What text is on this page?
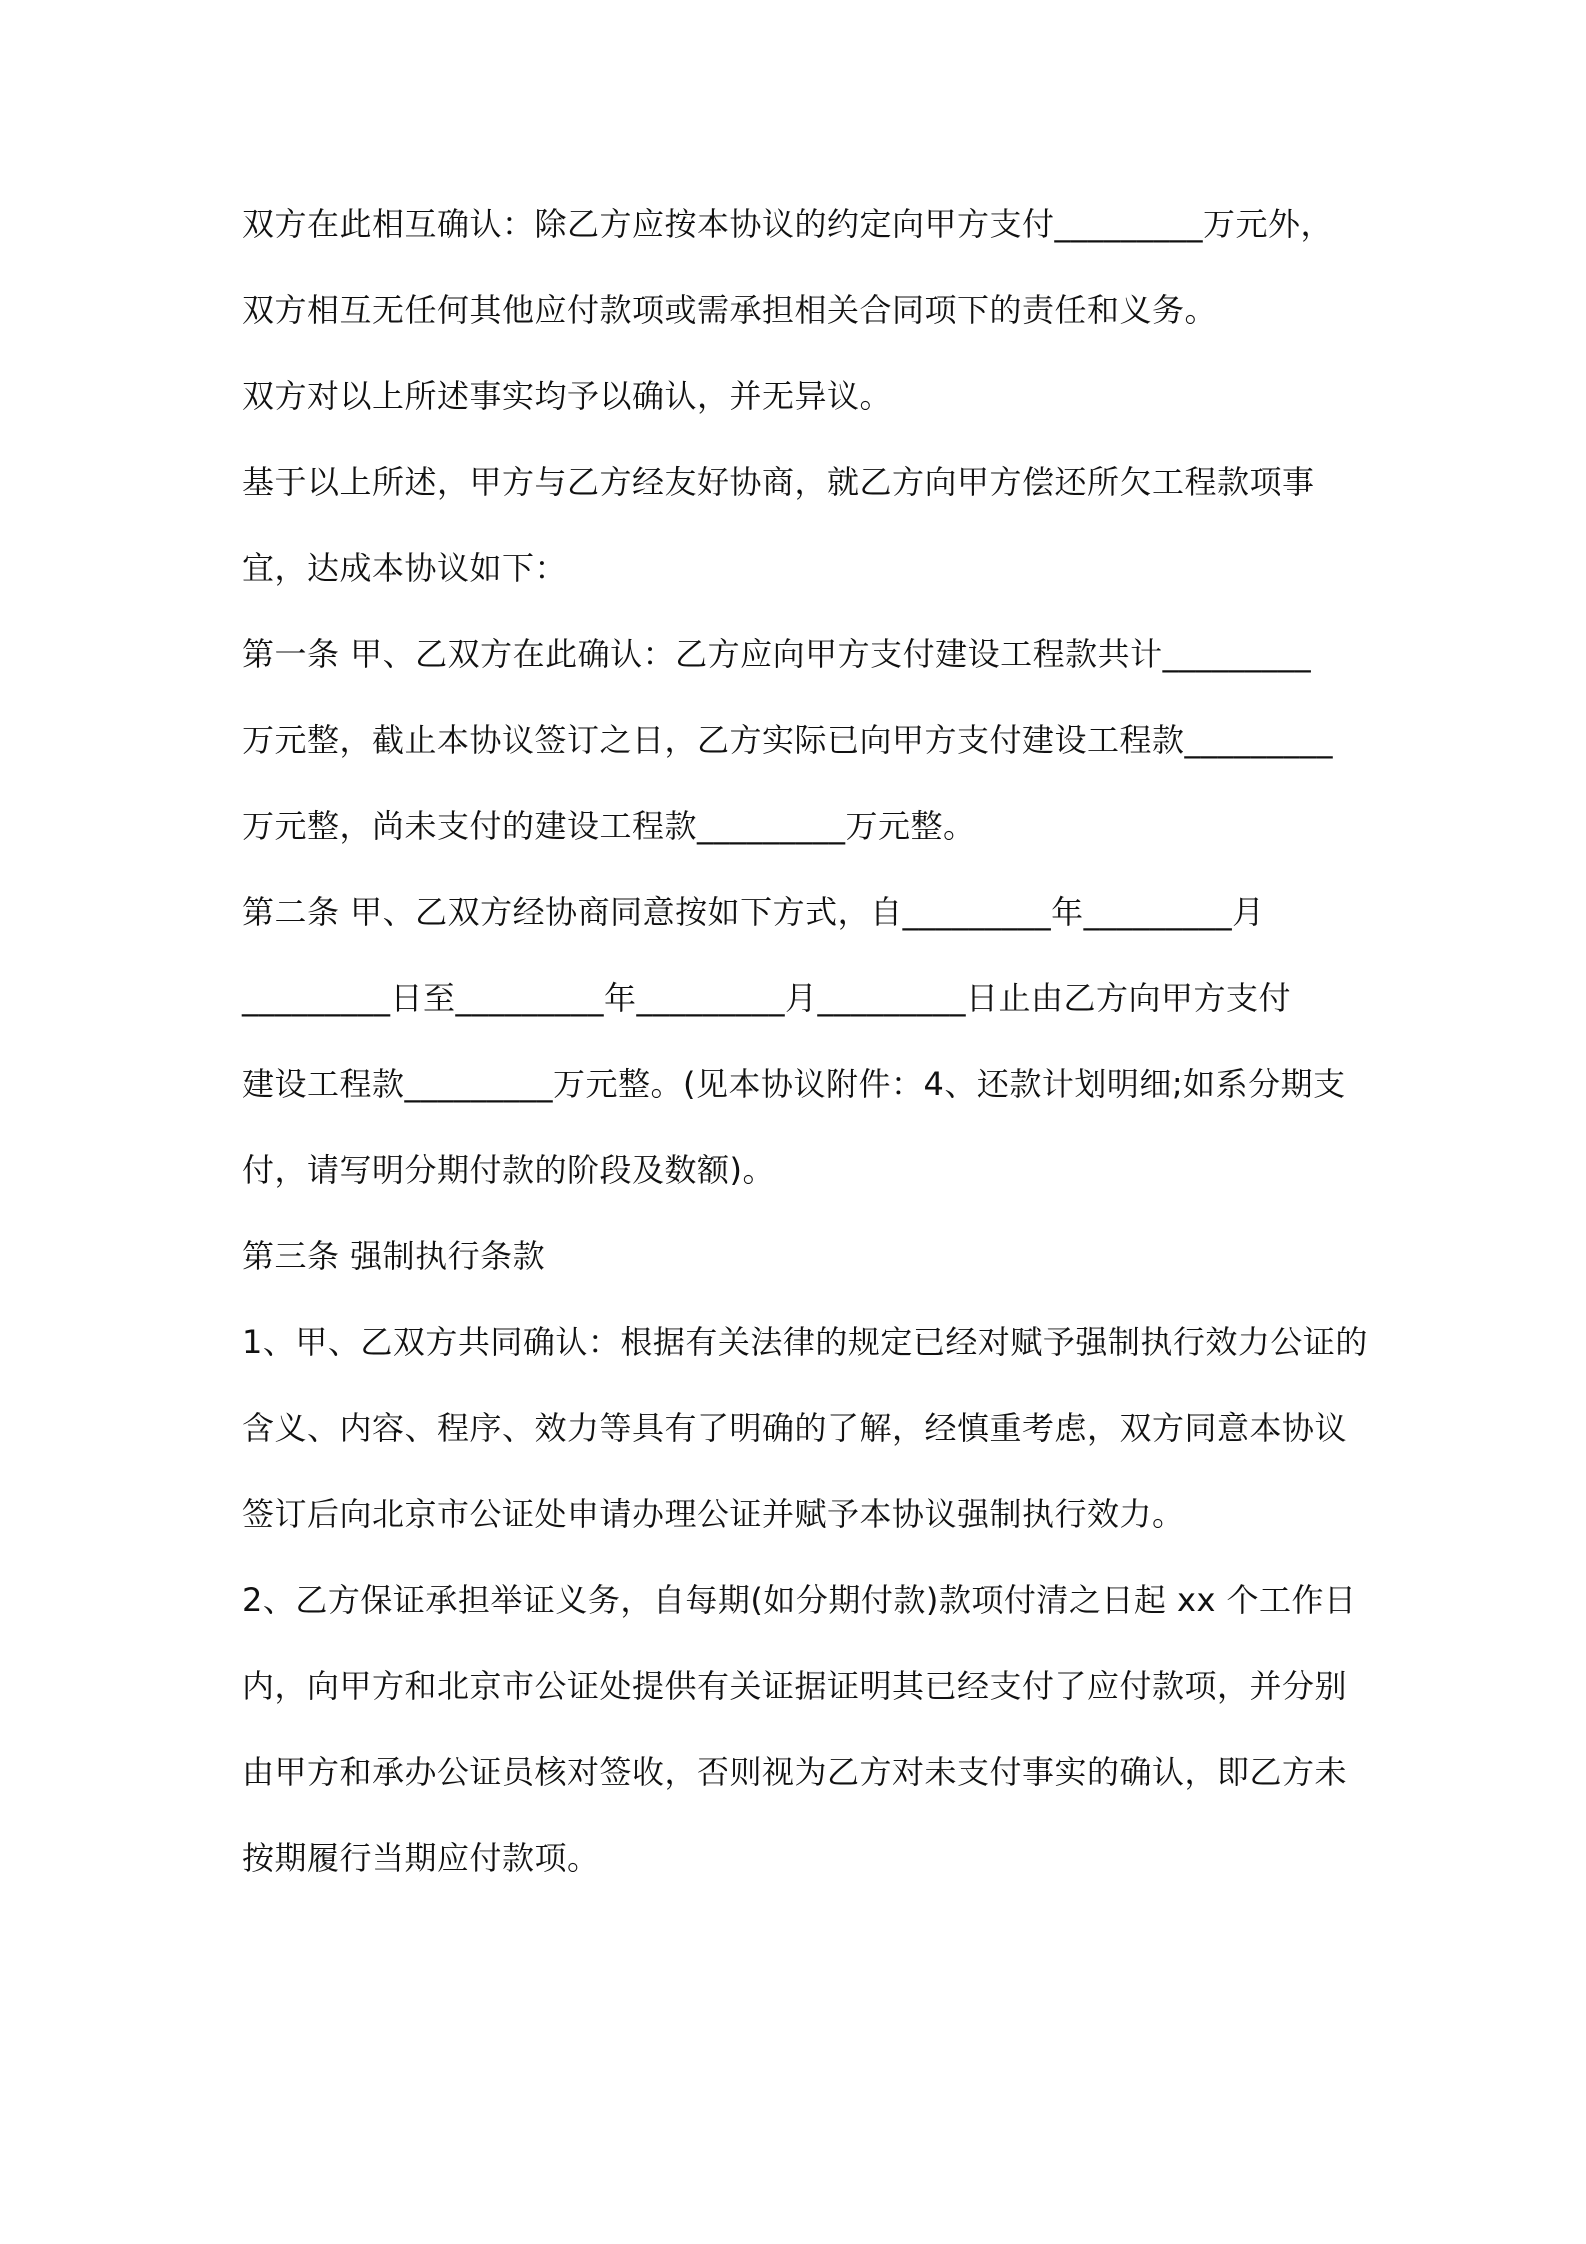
双方在此相互确认：除乙方应按本协议的约定向甲方支付_________万元外，
双方相互无任何其他应付款项或需承担相关合同项下的责任和义务。
双方对以上所述事实均予以确认，并无异议。
基于以上所述，甲方与乙方经友好协商，就乙方向甲方偿还所欠工程款项事
宜，达成本协议如下：
第一条 甲、乙双方在此确认：乙方应向甲方支付建设工程款共计_________
万元整，截止本协议签订之日，乙方实际已向甲方支付建设工程款_________
万元整，尚未支付的建设工程款_________万元整。
第二条 甲、乙双方经协商同意按如下方式，自_________年_________月
_________日至_________年_________月_________日止由乙方向甲方支付
建设工程款_________万元整。(见本协议附件：4、还款计划明细;如系分期支
付，请写明分期付款的阶段及数额)。
第三条 强制执行条款
1、甲、乙双方共同确认：根据有关法律的规定已经对赋予强制执行效力公证的
含义、内容、程序、效力等具有了明确的了解，经慎重考虑，双方同意本协议
签订后向北京市公证处申请办理公证并赋予本协议强制执行效力。
2、乙方保证承担举证义务，自每期(如分期付款)款项付清之日起 xx 个工作日
内，向甲方和北京市公证处提供有关证据证明其已经支付了应付款项，并分别
由甲方和承办公证员核对签收，否则视为乙方对未支付事实的确认，即乙方未
按期履行当期应付款项。
